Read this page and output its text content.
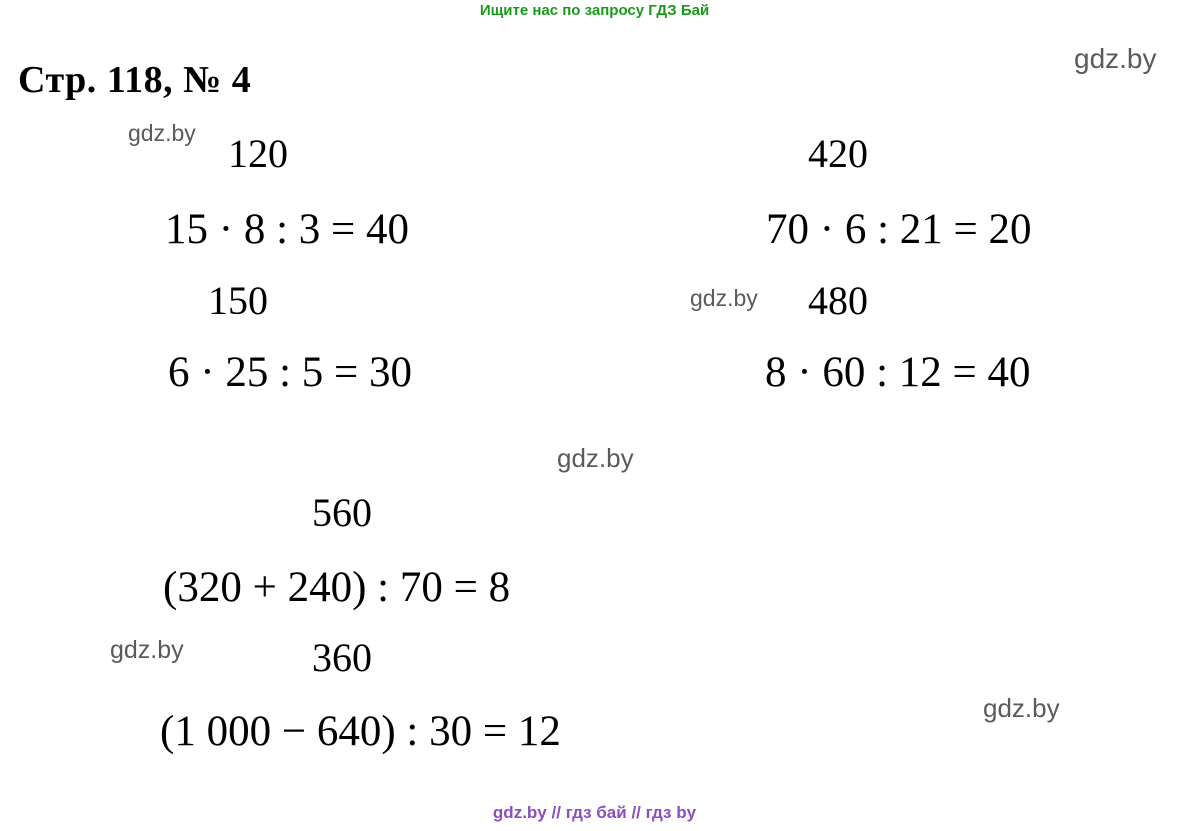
Ищите нас по запросу ГДЗ Бай
Стр. 118, № 4
120
15 · 8 : 3 = 40
150
6 · 25 : 5 = 30
420
70 · 6 : 21 = 20
480
8 · 60 : 12 = 40
560
(320 + 240) : 70 = 8
360
(1 000 − 640) : 30 = 12
gdz.by
gdz.by
gdz.by
gdz.by
gdz.by
gdz.by
gdz.by // гдз бай // гдз by
